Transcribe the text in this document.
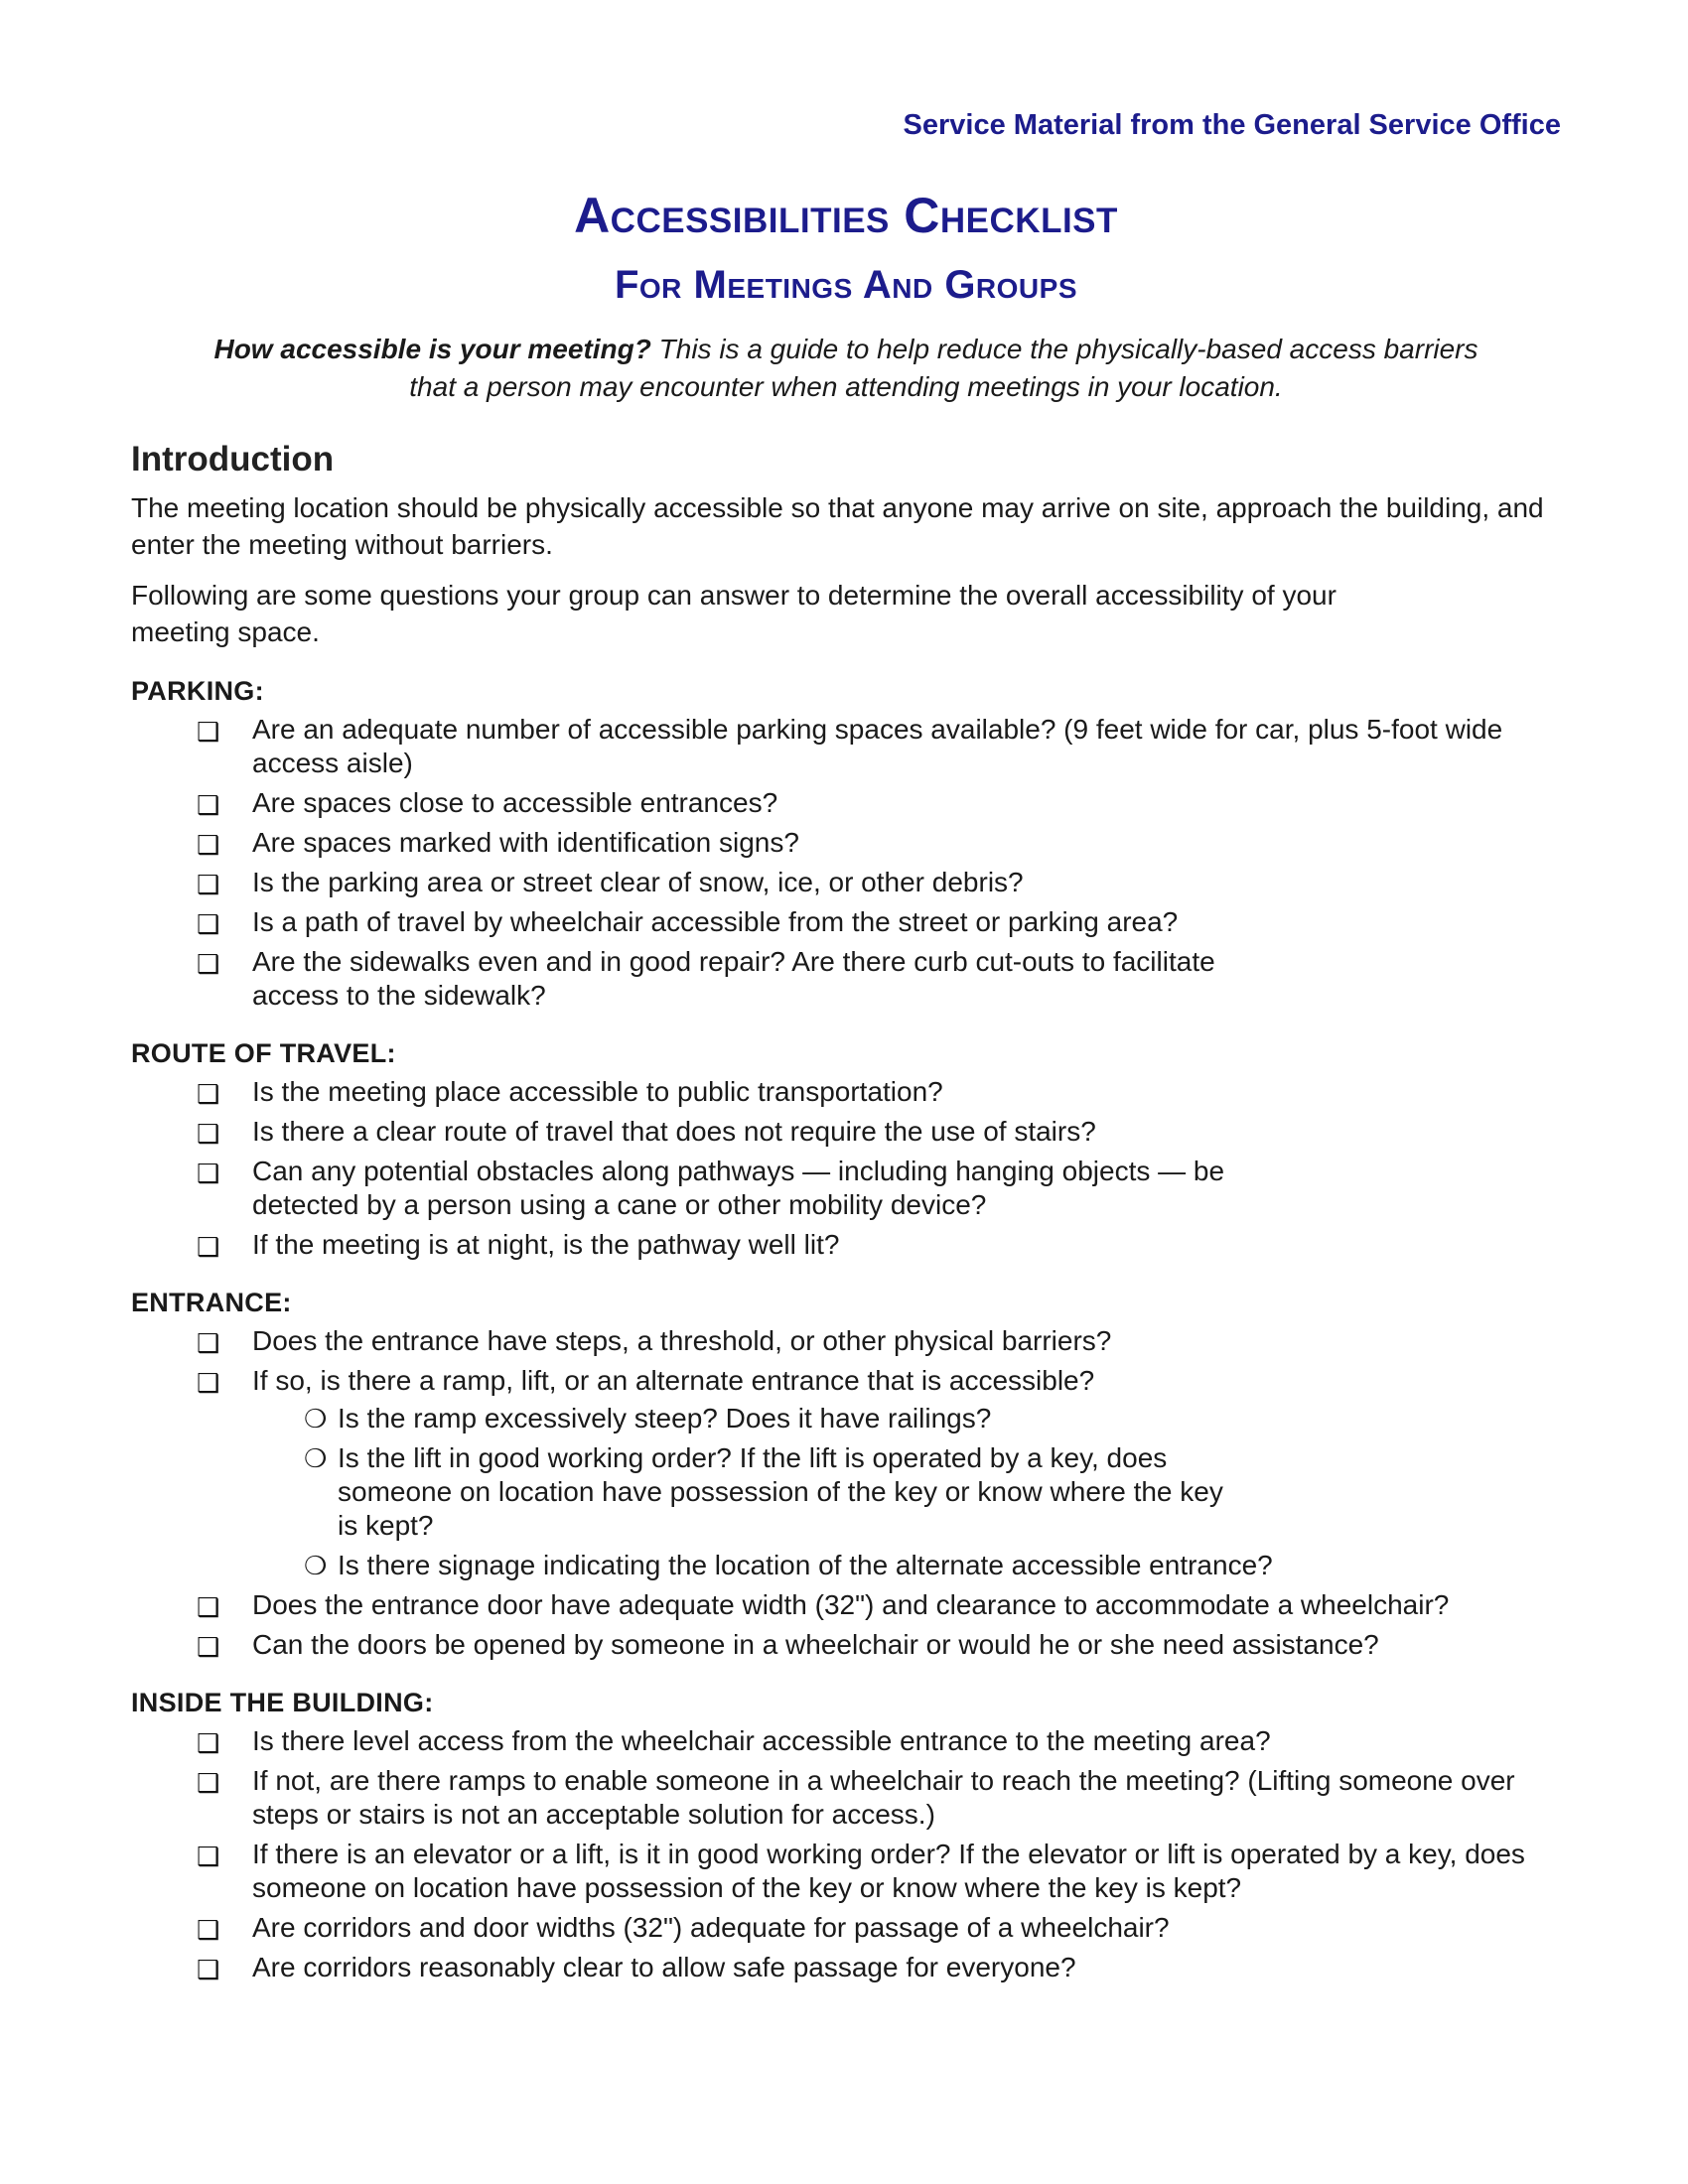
Service Material from the General Service Office

Accessibilities Checklist
For Meetings And Groups

How accessible is your meeting? This is a guide to help reduce the physically-based access barriers
that a person may encounter when attending meetings in your location.

Introduction

The meeting location should be physically accessible so that anyone may arrive on site, approach the building, and enter the meeting without barriers.

Following are some questions your group can answer to determine the overall accessibility of your meeting space.

PARKING:
❑ Are an adequate number of accessible parking spaces available? (9 feet wide for car, plus 5-foot wide access aisle)
❑ Are spaces close to accessible entrances?
❑ Are spaces marked with identification signs?
❑ Is the parking area or street clear of snow, ice, or other debris?
❑ Is a path of travel by wheelchair accessible from the street or parking area?
❑ Are the sidewalks even and in good repair? Are there curb cut-outs to facilitate access to the sidewalk?
ROUTE OF TRAVEL:
❑ Is the meeting place accessible to public transportation?
❑ Is there a clear route of travel that does not require the use of stairs?
❑ Can any potential obstacles along pathways — including hanging objects — be detected by a person using a cane or other mobility device?
❑ If the meeting is at night, is the pathway well lit?
ENTRANCE:
❑ Does the entrance have steps, a threshold, or other physical barriers?
❑ If so, is there a ramp, lift, or an alternate entrance that is accessible?
❍ Is the ramp excessively steep? Does it have railings?
❍ Is the lift in good working order? If the lift is operated by a key, does someone on location have possession of the key or know where the key is kept?
❍ Is there signage indicating the location of the alternate accessible entrance?
❑ Does the entrance door have adequate width (32") and clearance to accommodate a wheelchair?
❑ Can the doors be opened by someone in a wheelchair or would he or she need assistance?
INSIDE THE BUILDING:
❑ Is there level access from the wheelchair accessible entrance to the meeting area?
❑ If not, are there ramps to enable someone in a wheelchair to reach the meeting? (Lifting someone over steps or stairs is not an acceptable solution for access.)
❑ If there is an elevator or a lift, is it in good working order? If the elevator or lift is operated by a key, does someone on location have possession of the key or know where the key is kept?
❑ Are corridors and door widths (32") adequate for passage of a wheelchair?
❑ Are corridors reasonably clear to allow safe passage for everyone?
